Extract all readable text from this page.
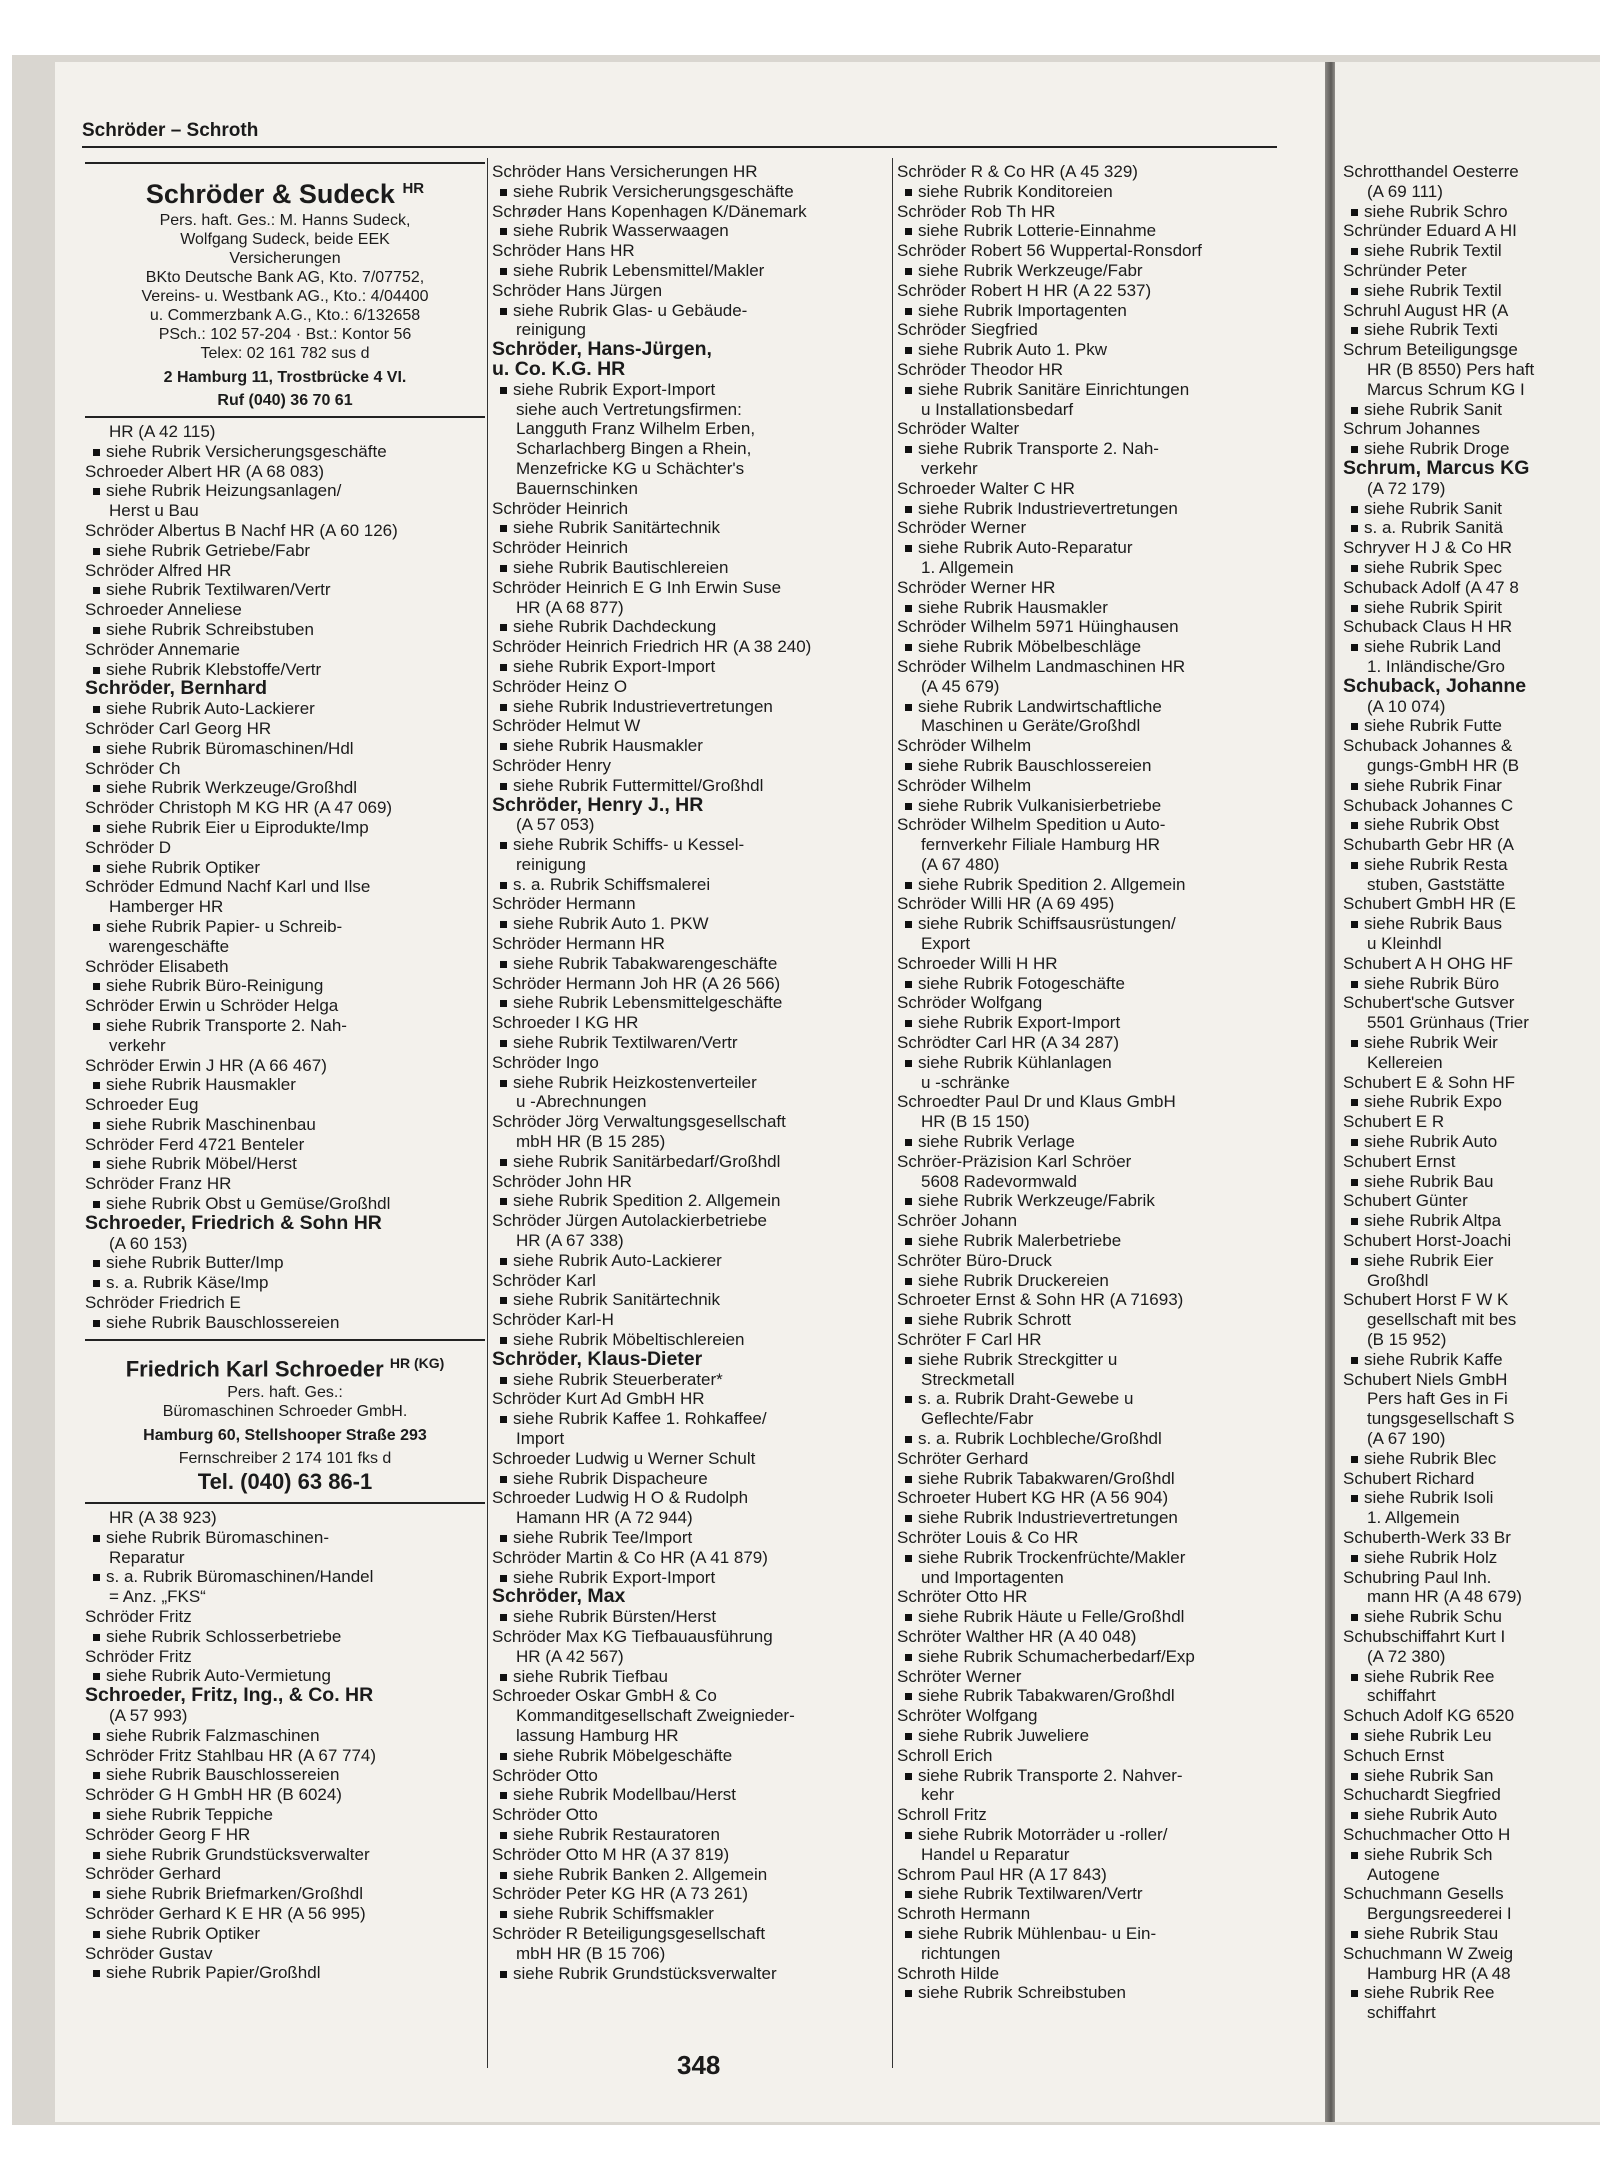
Schrotthandel Oesterre
(A 69 111)
siehe Rubrik Schro
Schründer Eduard A HI
siehe Rubrik Textil
Schründer Peter
siehe Rubrik Textil
Schruhl August HR (A
siehe Rubrik Texti
Schrum Beteiligungsge
HR (B 8550) Pers haft
Marcus Schrum KG I
siehe Rubrik Sanit
Schrum Johannes
siehe Rubrik Droge
Schrum, Marcus KG
(A 72 179)
siehe Rubrik Sanit
s. a. Rubrik Sanitä
Schryver H J & Co HR
siehe Rubrik Spec
Schuback Adolf (A 47 8
siehe Rubrik Spirit
Schuback Claus H HR
siehe Rubrik Land
1. Inländische/Gro
Schuback, Johanne
(A 10 074)
siehe Rubrik Futte
Schuback Johannes &
gungs-GmbH HR (B
siehe Rubrik Finar
Schuback Johannes C
siehe Rubrik Obst
Schubarth Gebr HR (A
siehe Rubrik Resta
stuben, Gaststätte
Schubert GmbH HR (E
siehe Rubrik Baus
u Kleinhdl
Schubert A H OHG HF
siehe Rubrik Büro
Schubert'sche Gutsver
5501 Grünhaus (Trier
siehe Rubrik Weir
Kellereien
Schubert E & Sohn HF
siehe Rubrik Expo
Schubert E R
siehe Rubrik Auto
Schubert Ernst
siehe Rubrik Bau
Schubert Günter
siehe Rubrik Altpa
Schubert Horst-Joachi
siehe Rubrik Eier
Großhdl
Schubert Horst F W K
gesellschaft mit bes
(B 15 952)
siehe Rubrik Kaffe
Schubert Niels GmbH
Pers haft Ges in Fi
tungsgesellschaft S
(A 67 190)
siehe Rubrik Blec
Schubert Richard
siehe Rubrik Isoli
1. Allgemein
Schuberth-Werk 33 Br
siehe Rubrik Holz
Schubring Paul Inh.
mann HR (A 48 679)
siehe Rubrik Schu
Schubschiffahrt Kurt I
(A 72 380)
siehe Rubrik Ree
schiffahrt
Schuch Adolf KG 6520
siehe Rubrik Leu
Schuch Ernst
siehe Rubrik San
Schuchardt Siegfried
siehe Rubrik Auto
Schuchmacher Otto H
siehe Rubrik Sch
Autogene
Schuchmann Gesells
Bergungsreederei I
siehe Rubrik Stau
Schuchmann W Zweig
Hamburg HR (A 48
siehe Rubrik Ree
schiffahrt
Schröder – Schroth
Schröder & Sudeck $^{HR}$
Pers. haft. Ges.: M. Hanns Sudeck,
Wolfgang Sudeck, beide EEK
Versicherungen
BKto Deutsche Bank AG, Kto. 7/07752,
Vereins- u. Westbank AG., Kto.: 4/04400
u. Commerzbank A.G., Kto.: 6/132658
PSch.: 102 57-204 · Bst.: Kontor 56
Telex: 02 161 782 sus d
2 Hamburg 11, Trostbrücke 4 VI.
Ruf (040) 36 70 61
HR (A 42 115)
siehe Rubrik Versicherungsgeschäfte
Schroeder Albert HR (A 68 083)
siehe Rubrik Heizungsanlagen/
Herst u Bau
Schröder Albertus B Nachf HR (A 60 126)
siehe Rubrik Getriebe/Fabr
Schröder Alfred HR
siehe Rubrik Textilwaren/Vertr
Schroeder Anneliese
siehe Rubrik Schreibstuben
Schröder Annemarie
siehe Rubrik Klebstoffe/Vertr
Schröder, Bernhard
siehe Rubrik Auto-Lackierer
Schröder Carl Georg HR
siehe Rubrik Büromaschinen/Hdl
Schröder Ch
siehe Rubrik Werkzeuge/Großhdl
Schröder Christoph M KG HR (A 47 069)
siehe Rubrik Eier u Eiprodukte/Imp
Schröder D
siehe Rubrik Optiker
Schröder Edmund Nachf Karl und Ilse
Hamberger HR
siehe Rubrik Papier- u Schreib-
warengeschäfte
Schröder Elisabeth
siehe Rubrik Büro-Reinigung
Schröder Erwin u Schröder Helga
siehe Rubrik Transporte 2. Nah-
verkehr
Schröder Erwin J HR (A 66 467)
siehe Rubrik Hausmakler
Schroeder Eug
siehe Rubrik Maschinenbau
Schröder Ferd 4721 Benteler
siehe Rubrik Möbel/Herst
Schröder Franz HR
siehe Rubrik Obst u Gemüse/Großhdl
Schroeder, Friedrich & Sohn HR
(A 60 153)
siehe Rubrik Butter/Imp
s. a. Rubrik Käse/Imp
Schröder Friedrich E
siehe Rubrik Bauschlossereien
Friedrich Karl Schroeder $^{HR (KG)}$
Pers. haft. Ges.:
Büromaschinen Schroeder GmbH.
Hamburg 60, Stellshooper Straße 293
Fernschreiber 2 174 101 fks d
Tel. (040) 63 86-1
HR (A 38 923)
siehe Rubrik Büromaschinen-
Reparatur
s. a. Rubrik Büromaschinen/Handel
= Anz. „FKS“
Schröder Fritz
siehe Rubrik Schlosserbetriebe
Schröder Fritz
siehe Rubrik Auto-Vermietung
Schroeder, Fritz, Ing., & Co. HR
(A 57 993)
siehe Rubrik Falzmaschinen
Schröder Fritz Stahlbau HR (A 67 774)
siehe Rubrik Bauschlossereien
Schröder G H GmbH HR (B 6024)
siehe Rubrik Teppiche
Schröder Georg F HR
siehe Rubrik Grundstücksverwalter
Schröder Gerhard
siehe Rubrik Briefmarken/Großhdl
Schröder Gerhard K E HR (A 56 995)
siehe Rubrik Optiker
Schröder Gustav
siehe Rubrik Papier/Großhdl
Schröder Hans Versicherungen HR
siehe Rubrik Versicherungsgeschäfte
Schrøder Hans Kopenhagen K/Dänemark
siehe Rubrik Wasserwaagen
Schröder Hans HR
siehe Rubrik Lebensmittel/Makler
Schröder Hans Jürgen
siehe Rubrik Glas- u Gebäude-
reinigung
Schröder, Hans-Jürgen,
u. Co. K.G. HR
siehe Rubrik Export-Import
siehe auch Vertretungsfirmen:
Langguth Franz Wilhelm Erben,
Scharlachberg Bingen a Rhein,
Menzefricke KG u Schächter's
Bauernschinken
Schröder Heinrich
siehe Rubrik Sanitärtechnik
Schröder Heinrich
siehe Rubrik Bautischlereien
Schröder Heinrich E G Inh Erwin Suse
HR (A 68 877)
siehe Rubrik Dachdeckung
Schröder Heinrich Friedrich HR (A 38 240)
siehe Rubrik Export-Import
Schröder Heinz O
siehe Rubrik Industrievertretungen
Schröder Helmut W
siehe Rubrik Hausmakler
Schröder Henry
siehe Rubrik Futtermittel/Großhdl
Schröder, Henry J., HR
(A 57 053)
siehe Rubrik Schiffs- u Kessel-
reinigung
s. a. Rubrik Schiffsmalerei
Schröder Hermann
siehe Rubrik Auto 1. PKW
Schröder Hermann HR
siehe Rubrik Tabakwarengeschäfte
Schröder Hermann Joh HR (A 26 566)
siehe Rubrik Lebensmittelgeschäfte
Schroeder I KG HR
siehe Rubrik Textilwaren/Vertr
Schröder Ingo
siehe Rubrik Heizkostenverteiler
u -Abrechnungen
Schröder Jörg Verwaltungsgesellschaft
mbH HR (B 15 285)
siehe Rubrik Sanitärbedarf/Großhdl
Schröder John HR
siehe Rubrik Spedition 2. Allgemein
Schröder Jürgen Autolackierbetriebe
HR (A 67 338)
siehe Rubrik Auto-Lackierer
Schröder Karl
siehe Rubrik Sanitärtechnik
Schröder Karl-H
siehe Rubrik Möbeltischlereien
Schröder, Klaus-Dieter
siehe Rubrik Steuerberater*
Schröder Kurt Ad GmbH HR
siehe Rubrik Kaffee 1. Rohkaffee/
Import
Schroeder Ludwig u Werner Schult
siehe Rubrik Dispacheure
Schroeder Ludwig H O & Rudolph
Hamann HR (A 72 944)
siehe Rubrik Tee/Import
Schröder Martin & Co HR (A 41 879)
siehe Rubrik Export-Import
Schröder, Max
siehe Rubrik Bürsten/Herst
Schröder Max KG Tiefbauausführung
HR (A 42 567)
siehe Rubrik Tiefbau
Schroeder Oskar GmbH & Co
Kommanditgesellschaft Zweignieder-
lassung Hamburg HR
siehe Rubrik Möbelgeschäfte
Schröder Otto
siehe Rubrik Modellbau/Herst
Schröder Otto
siehe Rubrik Restauratoren
Schröder Otto M HR (A 37 819)
siehe Rubrik Banken 2. Allgemein
Schröder Peter KG HR (A 73 261)
siehe Rubrik Schiffsmakler
Schröder R Beteiligungsgesellschaft
mbH HR (B 15 706)
siehe Rubrik Grundstücksverwalter
Schröder R & Co HR (A 45 329)
siehe Rubrik Konditoreien
Schröder Rob Th HR
siehe Rubrik Lotterie-Einnahme
Schröder Robert 56 Wuppertal-Ronsdorf
siehe Rubrik Werkzeuge/Fabr
Schröder Robert H HR (A 22 537)
siehe Rubrik Importagenten
Schröder Siegfried
siehe Rubrik Auto 1. Pkw
Schröder Theodor HR
siehe Rubrik Sanitäre Einrichtungen
u Installationsbedarf
Schröder Walter
siehe Rubrik Transporte 2. Nah-
verkehr
Schroeder Walter C HR
siehe Rubrik Industrievertretungen
Schröder Werner
siehe Rubrik Auto-Reparatur
1. Allgemein
Schröder Werner HR
siehe Rubrik Hausmakler
Schröder Wilhelm 5971 Hüinghausen
siehe Rubrik Möbelbeschläge
Schröder Wilhelm Landmaschinen HR
(A 45 679)
siehe Rubrik Landwirtschaftliche
Maschinen u Geräte/Großhdl
Schröder Wilhelm
siehe Rubrik Bauschlossereien
Schröder Wilhelm
siehe Rubrik Vulkanisierbetriebe
Schröder Wilhelm Spedition u Auto-
fernverkehr Filiale Hamburg HR
(A 67 480)
siehe Rubrik Spedition 2. Allgemein
Schröder Willi HR (A 69 495)
siehe Rubrik Schiffsausrüstungen/
Export
Schroeder Willi H HR
siehe Rubrik Fotogeschäfte
Schröder Wolfgang
siehe Rubrik Export-Import
Schrödter Carl HR (A 34 287)
siehe Rubrik Kühlanlagen
u -schränke
Schroedter Paul Dr und Klaus GmbH
HR (B 15 150)
siehe Rubrik Verlage
Schröer-Präzision Karl Schröer
5608 Radevormwald
siehe Rubrik Werkzeuge/Fabrik
Schröer Johann
siehe Rubrik Malerbetriebe
Schröter Büro-Druck
siehe Rubrik Druckereien
Schroeter Ernst & Sohn HR (A 71693)
siehe Rubrik Schrott
Schröter F Carl HR
siehe Rubrik Streckgitter u
Streckmetall
s. a. Rubrik Draht-Gewebe u
Geflechte/Fabr
s. a. Rubrik Lochbleche/Großhdl
Schröter Gerhard
siehe Rubrik Tabakwaren/Großhdl
Schroeter Hubert KG HR (A 56 904)
siehe Rubrik Industrievertretungen
Schröter Louis & Co HR
siehe Rubrik Trockenfrüchte/Makler
und Importagenten
Schröter Otto HR
siehe Rubrik Häute u Felle/Großhdl
Schröter Walther HR (A 40 048)
siehe Rubrik Schumacherbedarf/Exp
Schröter Werner
siehe Rubrik Tabakwaren/Großhdl
Schröter Wolfgang
siehe Rubrik Juweliere
Schroll Erich
siehe Rubrik Transporte 2. Nahver-
kehr
Schroll Fritz
siehe Rubrik Motorräder u -roller/
Handel u Reparatur
Schrom Paul HR (A 17 843)
siehe Rubrik Textilwaren/Vertr
Schroth Hermann
siehe Rubrik Mühlenbau- u Ein-
richtungen
Schroth Hilde
siehe Rubrik Schreibstuben
348
